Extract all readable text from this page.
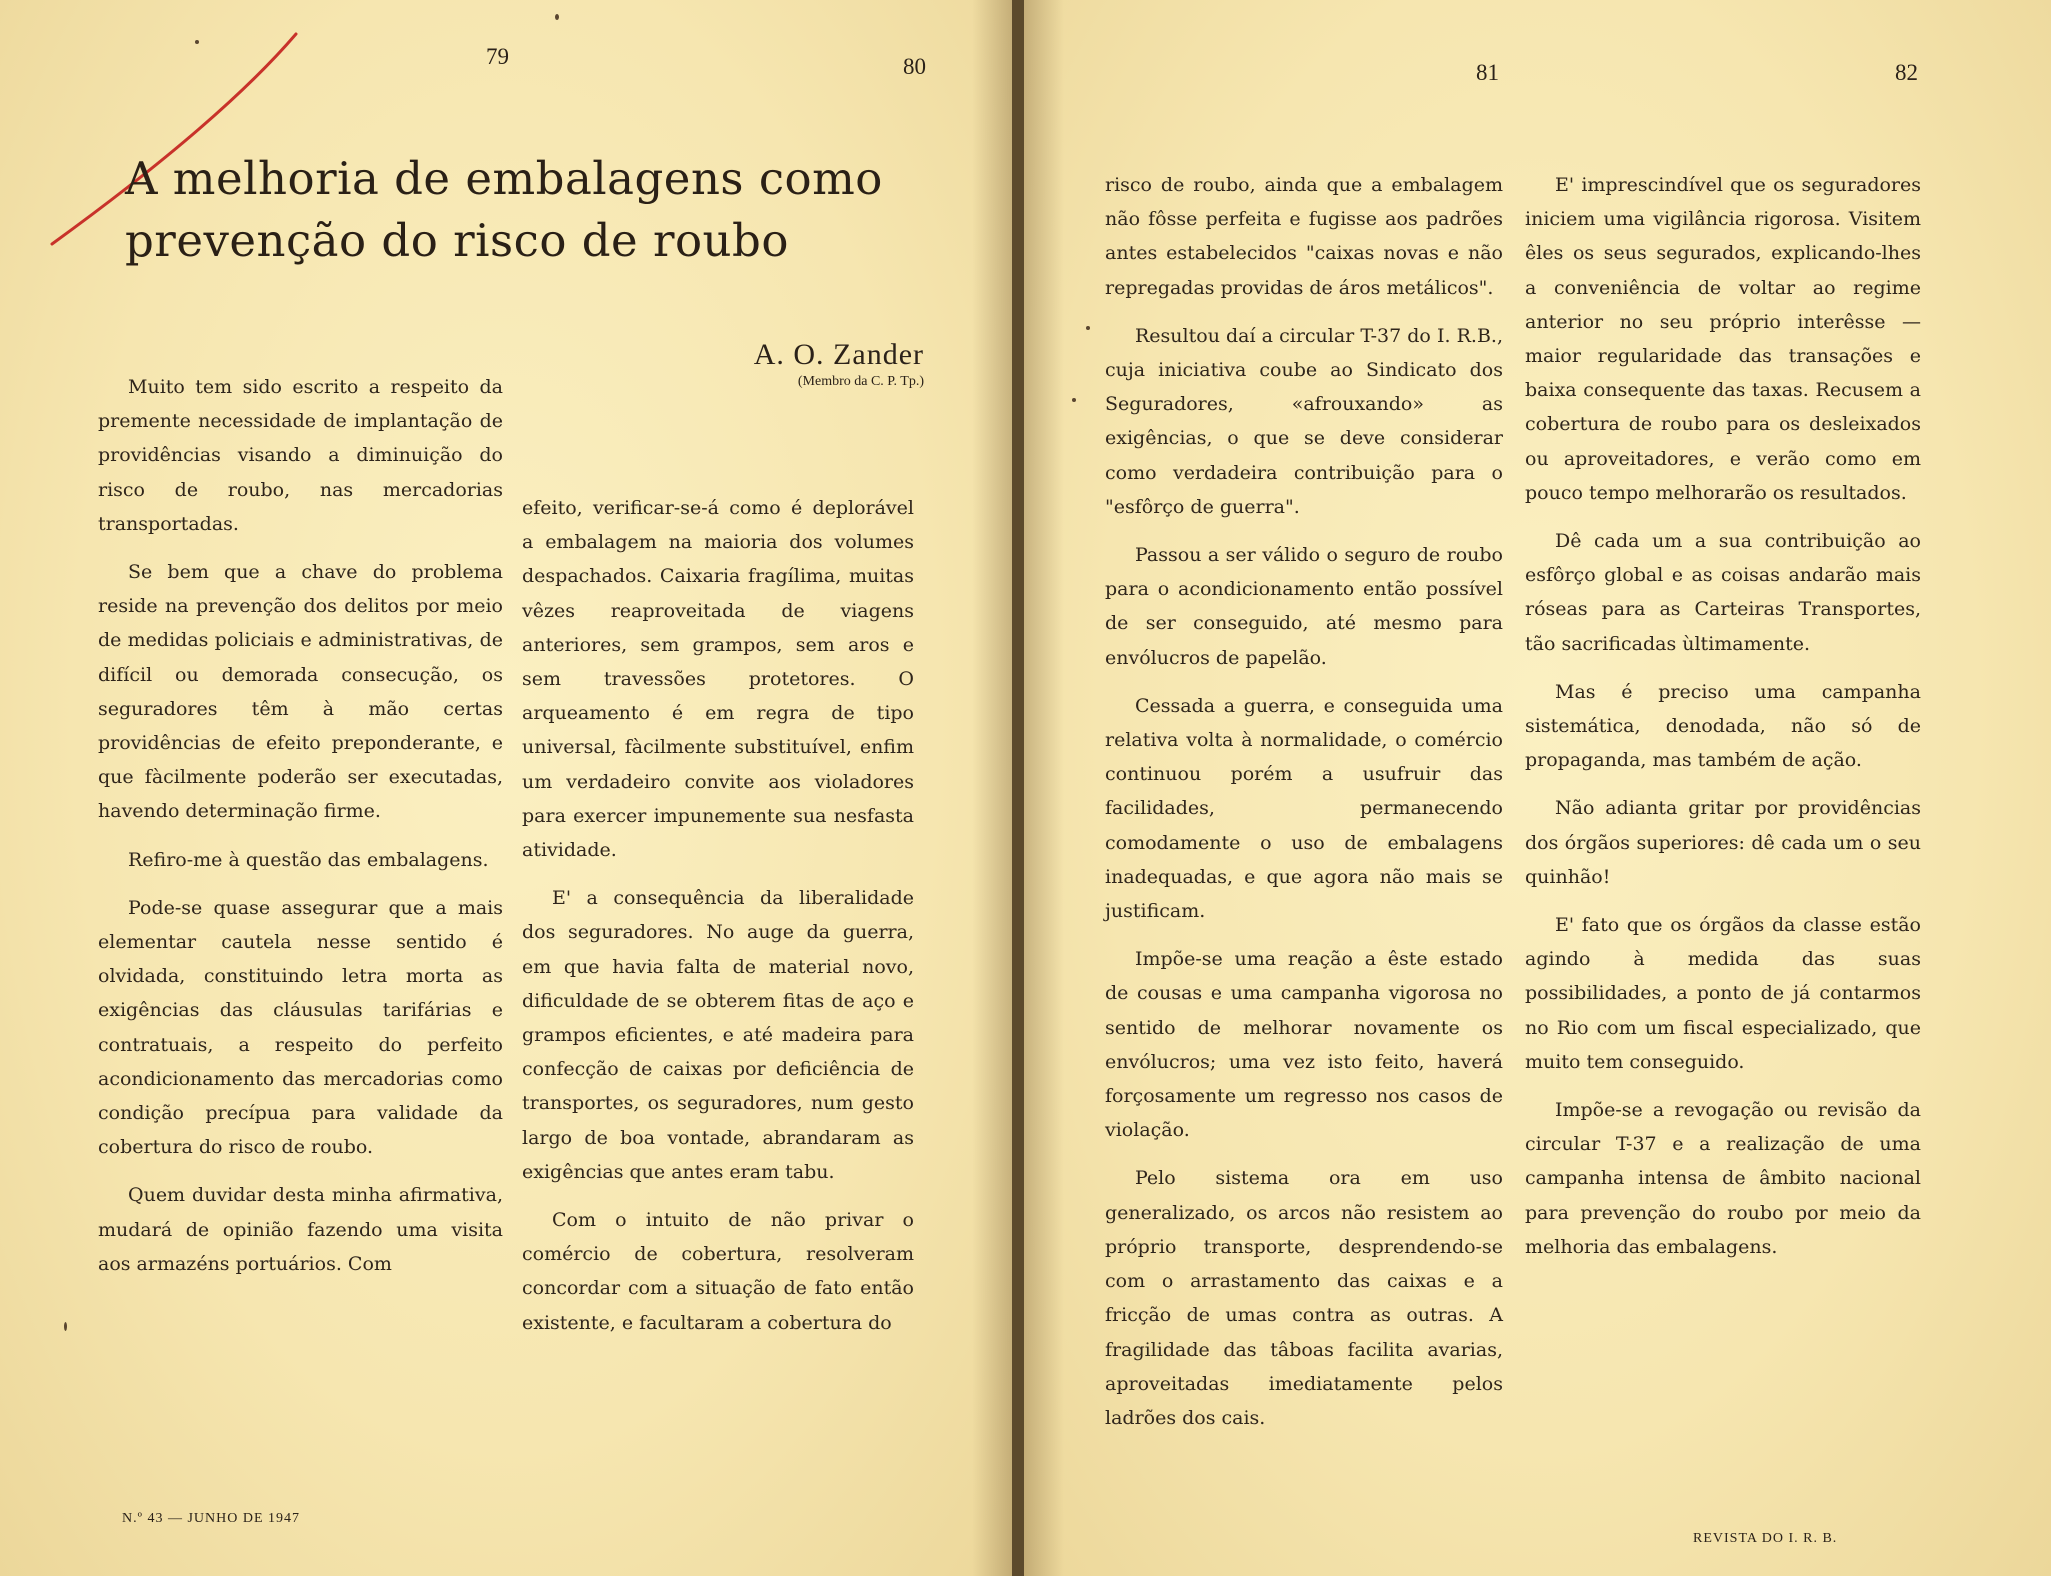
79	80
A melhoria de embalagens como prevenção do risco de roubo
A. O. Zander
(Membro da C. P. Tp.)

Muito tem sido escrito a respeito da premente necessidade de implantação de providências visando a diminuição do risco de roubo, nas mercadorias transportadas.

Se bem que a chave do problema reside na prevenção dos delitos por meio de medidas policiais e administrativas, de difícil ou demorada consecução, os seguradores têm à mão certas providências de efeito preponderante, e que fàcilmente poderão ser executadas, havendo determinação firme.

Refiro-me à questão das embalagens.

Pode-se quase assegurar que a mais elementar cautela nesse sentido é olvidada, constituindo letra morta as exigências das cláusulas tarifárias e contratuais, a respeito do perfeito acondicionamento das mercadorias como condição precípua para validade da cobertura do risco de roubo.

Quem duvidar desta minha afirmativa, mudará de opinião fazendo uma visita aos armazéns portuários. Com

efeito, verificar-se-á como é deplorável a embalagem na maioria dos volumes despachados. Caixaria fragílima, muitas vêzes reaproveitada de viagens anteriores, sem grampos, sem aros e sem travessões protetores. O arqueamento é em regra de tipo universal, fàcilmente substituível, enfim um verdadeiro convite aos violadores para exercer impunemente sua nesfasta atividade.

E' a consequência da liberalidade dos seguradores. No auge da guerra, em que havia falta de material novo, dificuldade de se obterem fitas de aço e grampos eficientes, e até madeira para confecção de caixas por deficiência de transportes, os seguradores, num gesto largo de boa vontade, abrandaram as exigências que antes eram tabu.

Com o intuito de não privar o comércio de cobertura, resolveram concordar com a situação de fato então existente, e facultaram a cobertura do

N.º 43 — JUNHO DE 1947
81	82

risco de roubo, ainda que a embalagem não fôsse perfeita e fugisse aos padrões antes estabelecidos "caixas novas e não repregadas providas de áros metálicos".

Resultou daí a circular T-37 do I. R.B., cuja iniciativa coube ao Sindicato dos Seguradores, «afrouxando» as exigências, o que se deve considerar como verdadeira contribuição para o "esfôrço de guerra".

Passou a ser válido o seguro de roubo para o acondicionamento então possível de ser conseguido, até mesmo para envólucros de papelão.

Cessada a guerra, e conseguida uma relativa volta à normalidade, o comércio continuou porém a usufruir das facilidades, permanecendo comodamente o uso de embalagens inadequadas, e que agora não mais se justificam.

Impõe-se uma reação a êste estado de cousas e uma campanha vigorosa no sentido de melhorar novamente os envólucros; uma vez isto feito, haverá forçosamente um regresso nos casos de violação.

Pelo sistema ora em uso generalizado, os arcos não resistem ao próprio transporte, desprendendo-se com o arrastamento das caixas e a fricção de umas contra as outras. A fragilidade das tâboas facilita avarias, aproveitadas imediatamente pelos ladrões dos cais.

E' imprescindível que os seguradores iniciem uma vigilância rigorosa. Visitem êles os seus segurados, explicando-lhes a conveniência de voltar ao regime anterior no seu próprio interêsse — maior regularidade das transações e baixa consequente das taxas. Recusem a cobertura de roubo para os desleixados ou aproveitadores, e verão como em pouco tempo melhorarão os resultados.

Dê cada um a sua contribuição ao esfôrço global e as coisas andarão mais róseas para as Carteiras Transportes, tão sacrificadas ùltimamente.

Mas é preciso uma campanha sistemática, denodada, não só de propaganda, mas também de ação.

Não adianta gritar por providências dos órgãos superiores: dê cada um o seu quinhão!

E' fato que os órgãos da classe estão agindo à medida das suas possibilidades, a ponto de já contarmos no Rio com um fiscal especializado, que muito tem conseguido.

Impõe-se a revogação ou revisão da circular T-37 e a realização de uma campanha intensa de âmbito nacional para prevenção do roubo por meio da melhoria das embalagens.

REVISTA DO I. R. B.
